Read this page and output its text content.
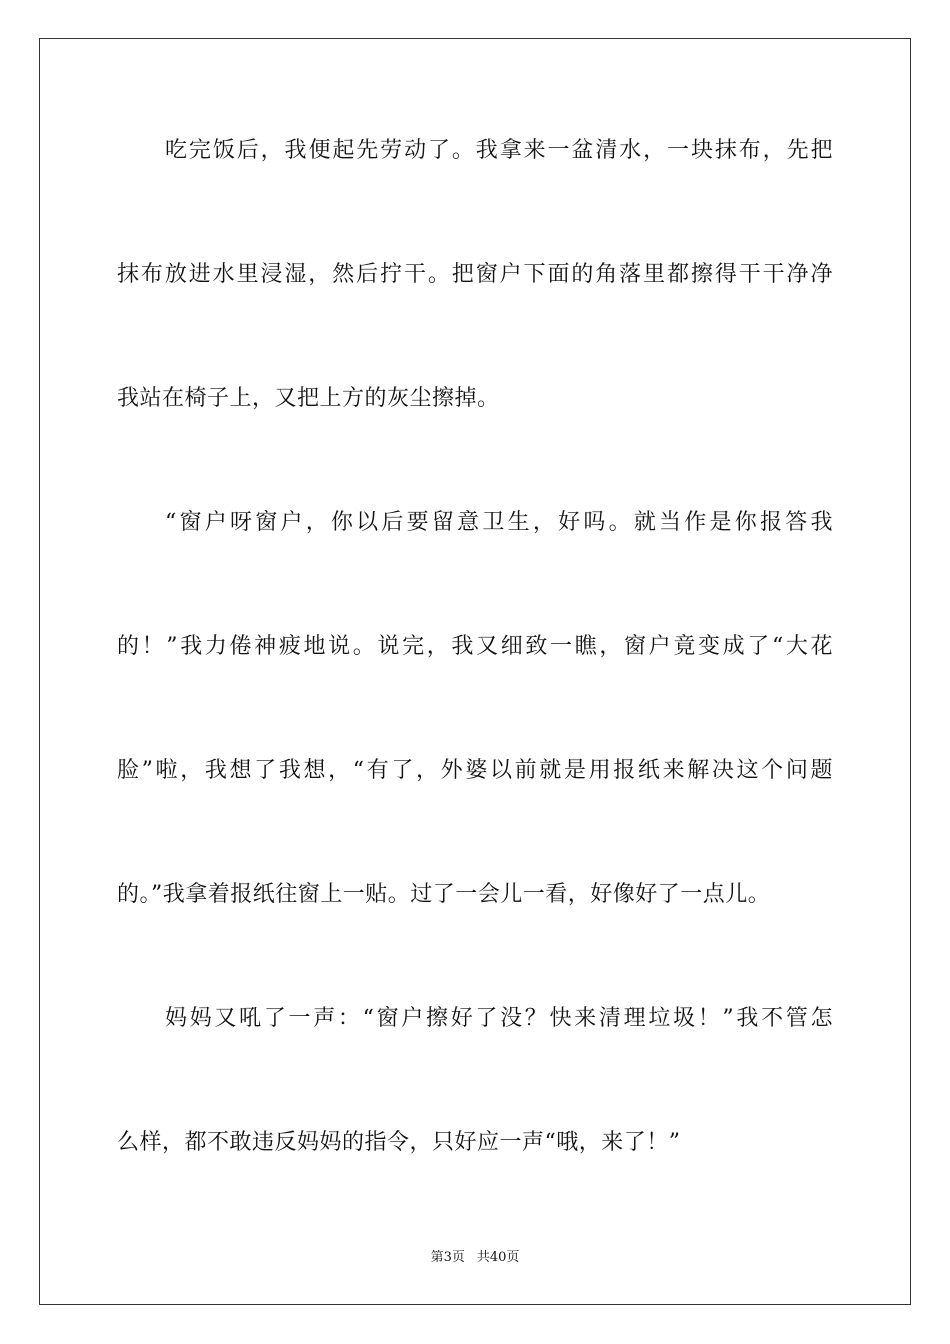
吃完饭后，我便起先劳动了。我拿来一盆清水，一块抹布，先把
抹布放进水里浸湿，然后拧干。把窗户下面的角落里都擦得干干净净
我站在椅子上，又把上方的灰尘擦掉。
“窗户呀窗户，你以后要留意卫生，好吗。就当作是你报答我
的！”我力倦神疲地说。说完，我又细致一瞧，窗户竟变成了“大花
脸”啦，我想了我想，“有了，外婆以前就是用报纸来解决这个问题
的。”我拿着报纸往窗上一贴。过了一会儿一看，好像好了一点儿。
妈妈又吼了一声：“窗户擦好了没？快来清理垃圾！”我不管怎
么样，都不敢违反妈妈的指令，只好应一声“哦，来了！”
第3页 共40页
